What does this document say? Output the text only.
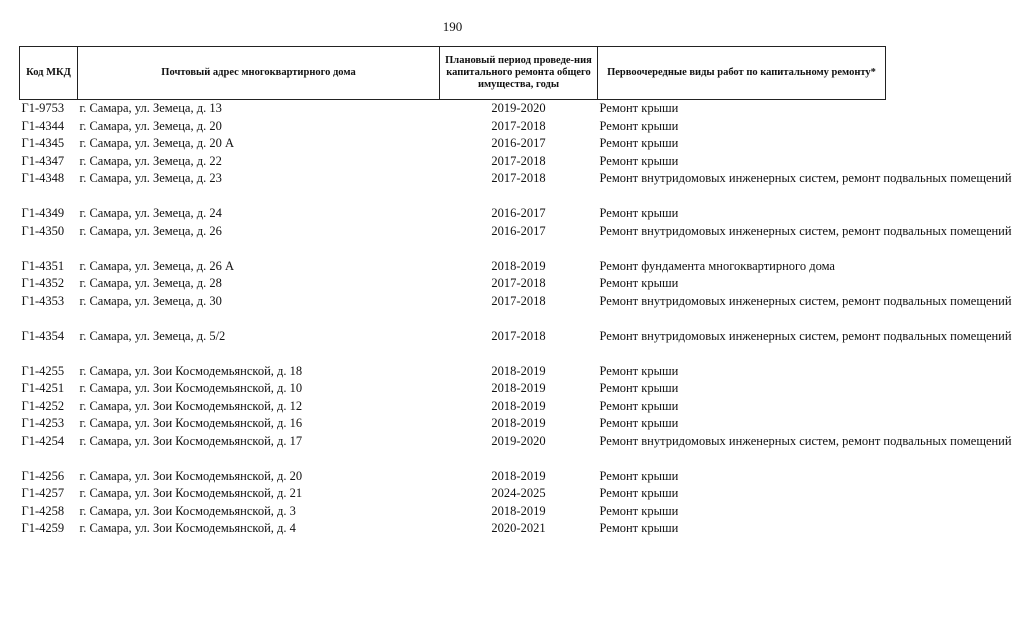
190
Код МКД	Почтовый адрес многоквартирного дома	Плановый период проведе-ния капитального ремонта общего имущества, годы	Первоочередные виды работ по капитальному ремонту*
Г1-9753	г. Самара, ул. Земеца, д. 13	2019-2020	Ремонт крыши
Г1-4344	г. Самара, ул. Земеца, д. 20	2017-2018	Ремонт крыши
Г1-4345	г. Самара, ул. Земеца, д. 20 А	2016-2017	Ремонт крыши
Г1-4347	г. Самара, ул. Земеца, д. 22	2017-2018	Ремонт крыши
Г1-4348	г. Самара, ул. Земеца, д. 23	2017-2018	Ремонт внутридомовых инженерных систем, ремонт подвальных помещений
Г1-4349	г. Самара, ул. Земеца, д. 24	2016-2017	Ремонт крыши
Г1-4350	г. Самара, ул. Земеца, д. 26	2016-2017	Ремонт внутридомовых инженерных систем, ремонт подвальных помещений
Г1-4351	г. Самара, ул. Земеца, д. 26 А	2018-2019	Ремонт фундамента многоквартирного дома
Г1-4352	г. Самара, ул. Земеца, д. 28	2017-2018	Ремонт крыши
Г1-4353	г. Самара, ул. Земеца, д. 30	2017-2018	Ремонт внутридомовых инженерных систем, ремонт подвальных помещений
Г1-4354	г. Самара, ул. Земеца, д. 5/2	2017-2018	Ремонт внутридомовых инженерных систем, ремонт подвальных помещений
Г1-4255	г. Самара, ул. Зои Космодемьянской, д. 18	2018-2019	Ремонт крыши
Г1-4251	г. Самара, ул. Зои Космодемьянской, д. 10	2018-2019	Ремонт крыши
Г1-4252	г. Самара, ул. Зои Космодемьянской, д. 12	2018-2019	Ремонт крыши
Г1-4253	г. Самара, ул. Зои Космодемьянской, д. 16	2018-2019	Ремонт крыши
Г1-4254	г. Самара, ул. Зои Космодемьянской, д. 17	2019-2020	Ремонт внутридомовых инженерных систем, ремонт подвальных помещений
Г1-4256	г. Самара, ул. Зои Космодемьянской, д. 20	2018-2019	Ремонт крыши
Г1-4257	г. Самара, ул. Зои Космодемьянской, д. 21	2024-2025	Ремонт крыши
Г1-4258	г. Самара, ул. Зои Космодемьянской, д. 3	2018-2019	Ремонт крыши
Г1-4259	г. Самара, ул. Зои Космодемьянской, д. 4	2020-2021	Ремонт крыши
